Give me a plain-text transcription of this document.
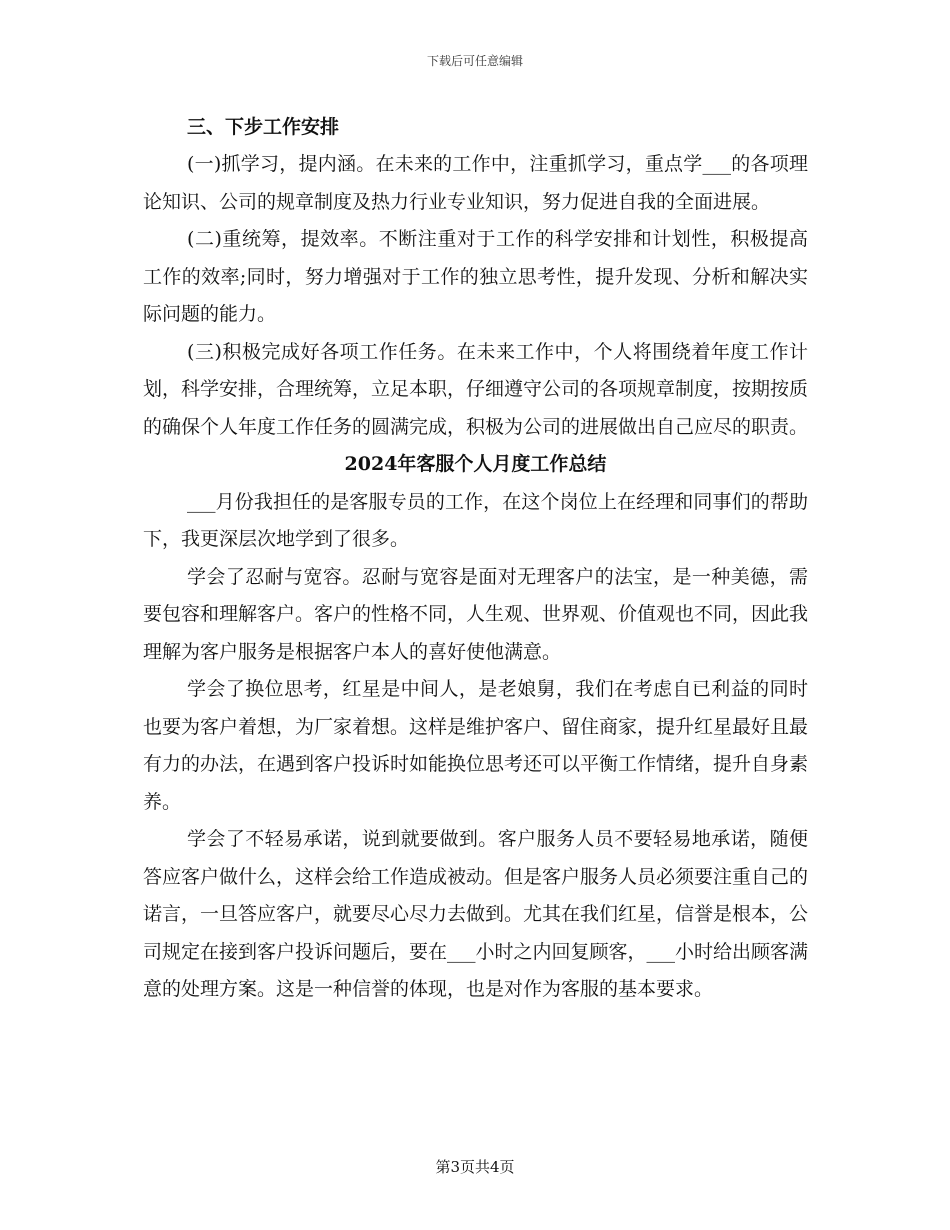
下载后可任意编辑
三、下步工作安排

(一)抓学习，提内涵。在未来的工作中，注重抓学习，重点学___的各项理论知识、公司的规章制度及热力行业专业知识，努力促进自我的全面进展。

(二)重统筹，提效率。不断注重对于工作的科学安排和计划性，积极提高工作的效率;同时，努力增强对于工作的独立思考性，提升发现、分析和解决实际问题的能力。

(三)积极完成好各项工作任务。在未来工作中，个人将围绕着年度工作计划，科学安排，合理统筹，立足本职，仔细遵守公司的各项规章制度，按期按质的确保个人年度工作任务的圆满完成，积极为公司的进展做出自己应尽的职责。

2024年客服个人月度工作总结

___月份我担任的是客服专员的工作，在这个岗位上在经理和同事们的帮助下，我更深层次地学到了很多。

学会了忍耐与宽容。忍耐与宽容是面对无理客户的法宝，是一种美德，需要包容和理解客户。客户的性格不同，人生观、世界观、价值观也不同，因此我理解为客户服务是根据客户本人的喜好使他满意。

学会了换位思考，红星是中间人，是老娘舅，我们在考虑自已利益的同时也要为客户着想，为厂家着想。这样是维护客户、留住商家，提升红星最好且最有力的办法，在遇到客户投诉时如能换位思考还可以平衡工作情绪，提升自身素养。

学会了不轻易承诺，说到就要做到。客户服务人员不要轻易地承诺，随便答应客户做什么，这样会给工作造成被动。但是客户服务人员必须要注重自己的诺言，一旦答应客户，就要尽心尽力去做到。尤其在我们红星，信誉是根本，公司规定在接到客户投诉问题后，要在___小时之内回复顾客，___小时给出顾客满意的处理方案。这是一种信誉的体现，也是对作为客服的基本要求。

第3页共4页
